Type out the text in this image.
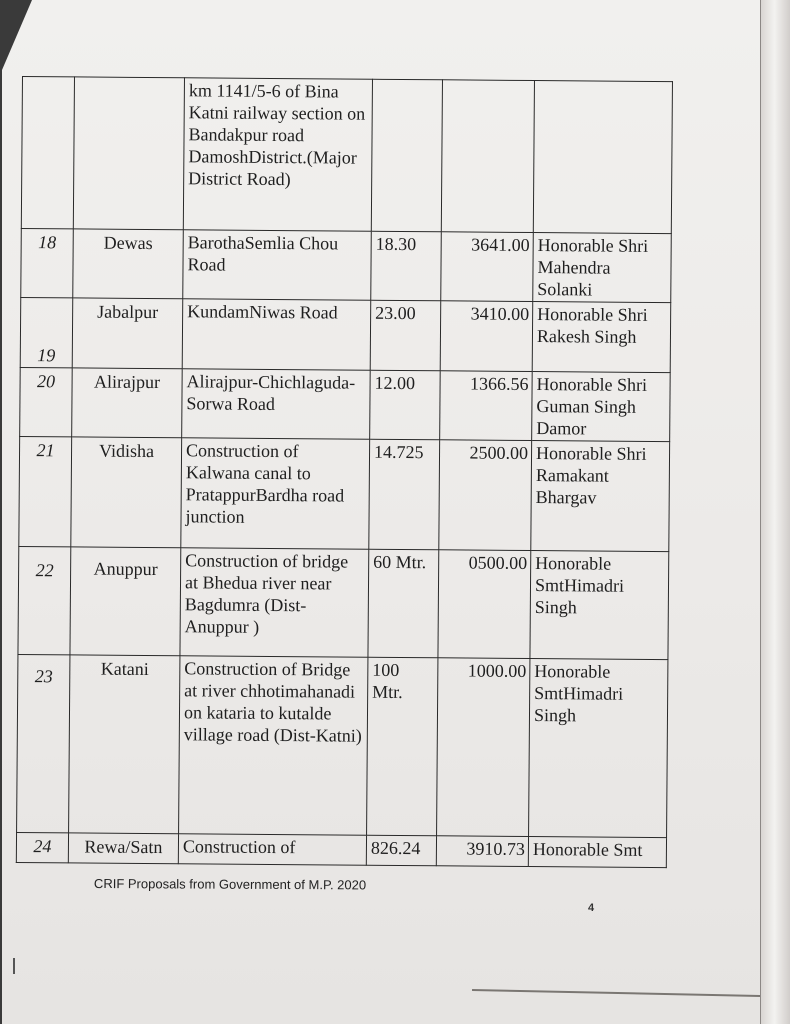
		km 1141/5-6 of Bina Katni railway section on Bandakpur road DamoshDistrict.(Major District Road)			
18	Dewas	BarothaSemlia Chou Road	18.30	3641.00	Honorable Shri Mahendra Solanki
19	Jabalpur	KundamNiwas Road	23.00	3410.00	Honorable Shri Rakesh Singh
20	Alirajpur	Alirajpur-Chichlaguda-Sorwa Road	12.00	1366.56	Honorable Shri Guman Singh Damor
21	Vidisha	Construction of Kalwana canal to PratappurBardha road junction	14.725	2500.00	Honorable Shri Ramakant Bhargav
22	Anuppur	Construction of bridge at Bhedua river near Bagdumra (Dist-Anuppur )	60 Mtr.	0500.00	Honorable SmtHimadri Singh
23	Katani	Construction of Bridge at river chhotimahanadi on kataria to kutalde village road (Dist-Katni)	100 Mtr.	1000.00	Honorable SmtHimadri Singh
24	Rewa/Satn	Construction of	826.24	3910.73	Honorable Smt

CRIF Proposals from Government of M.P. 2020

4
